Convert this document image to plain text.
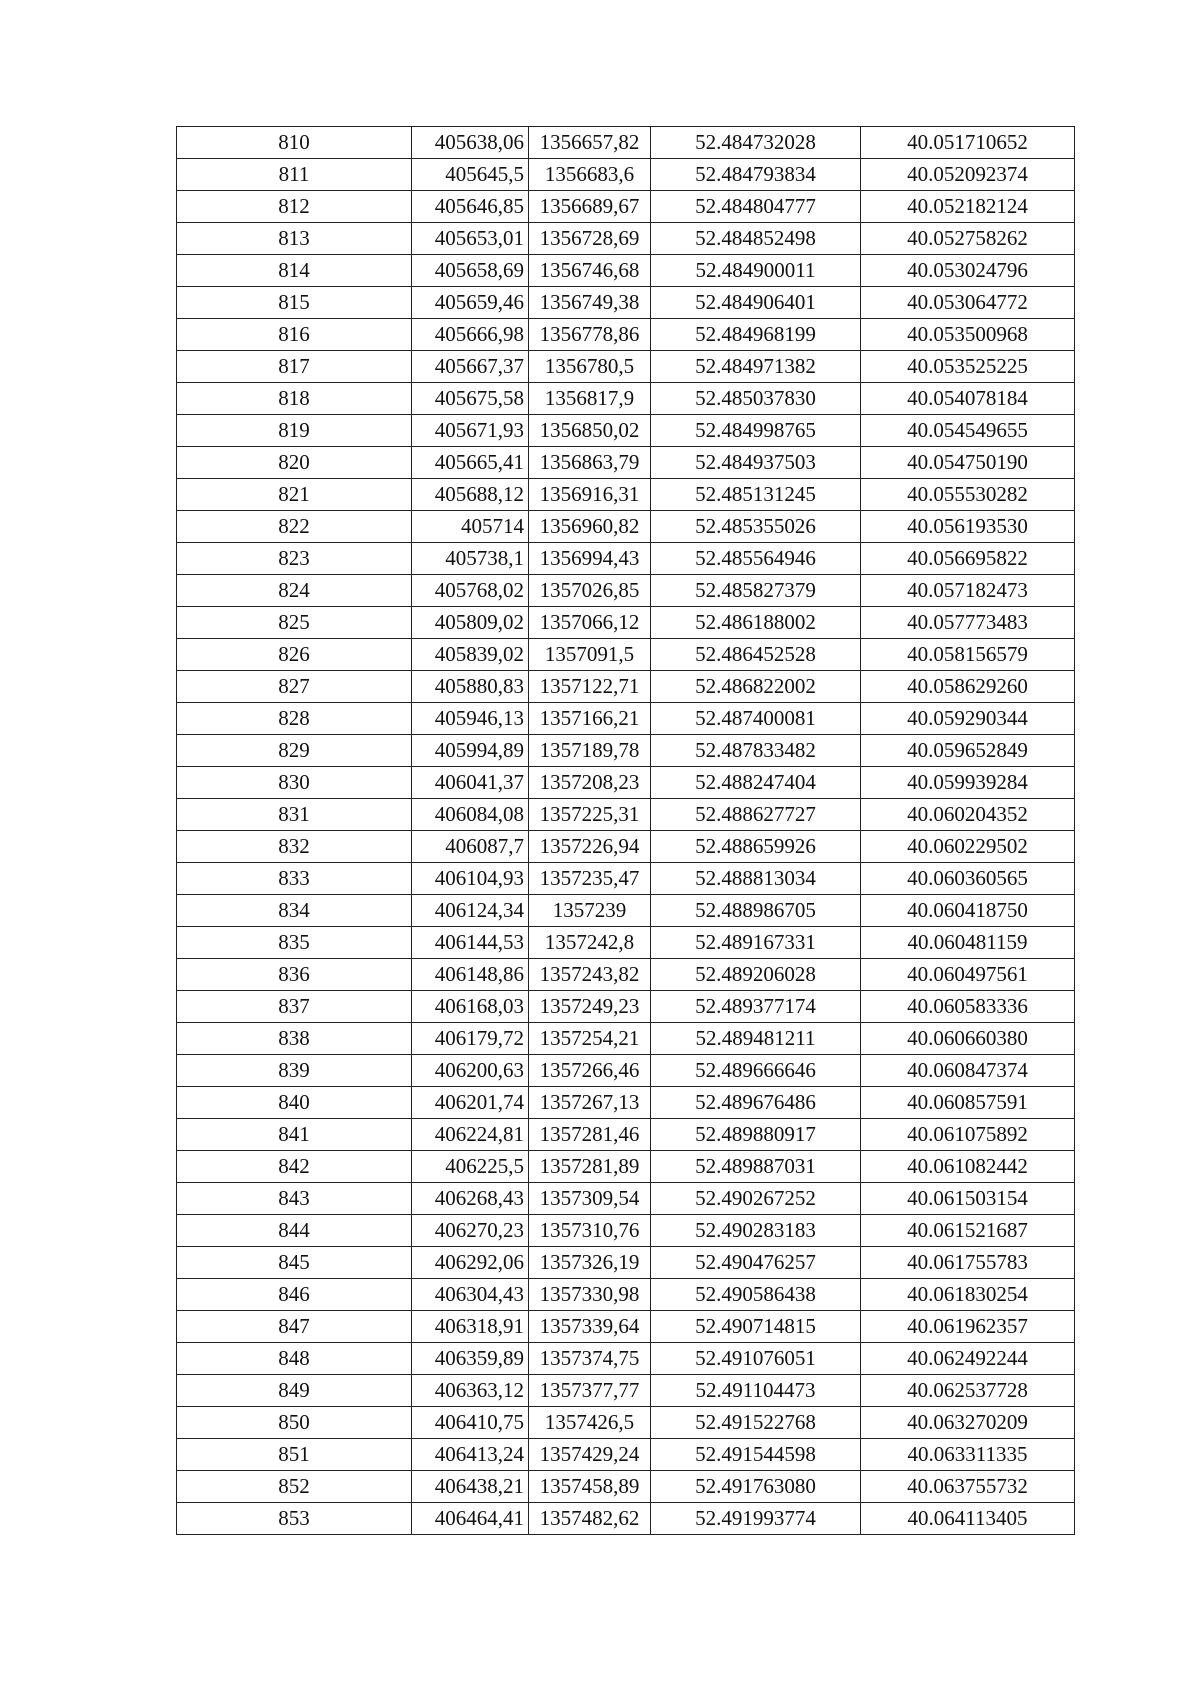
810	405638,06	1356657,82	52.484732028	40.051710652
811	405645,5	1356683,6	52.484793834	40.052092374
812	405646,85	1356689,67	52.484804777	40.052182124
813	405653,01	1356728,69	52.484852498	40.052758262
814	405658,69	1356746,68	52.484900011	40.053024796
815	405659,46	1356749,38	52.484906401	40.053064772
816	405666,98	1356778,86	52.484968199	40.053500968
817	405667,37	1356780,5	52.484971382	40.053525225
818	405675,58	1356817,9	52.485037830	40.054078184
819	405671,93	1356850,02	52.484998765	40.054549655
820	405665,41	1356863,79	52.484937503	40.054750190
821	405688,12	1356916,31	52.485131245	40.055530282
822	405714	1356960,82	52.485355026	40.056193530
823	405738,1	1356994,43	52.485564946	40.056695822
824	405768,02	1357026,85	52.485827379	40.057182473
825	405809,02	1357066,12	52.486188002	40.057773483
826	405839,02	1357091,5	52.486452528	40.058156579
827	405880,83	1357122,71	52.486822002	40.058629260
828	405946,13	1357166,21	52.487400081	40.059290344
829	405994,89	1357189,78	52.487833482	40.059652849
830	406041,37	1357208,23	52.488247404	40.059939284
831	406084,08	1357225,31	52.488627727	40.060204352
832	406087,7	1357226,94	52.488659926	40.060229502
833	406104,93	1357235,47	52.488813034	40.060360565
834	406124,34	1357239	52.488986705	40.060418750
835	406144,53	1357242,8	52.489167331	40.060481159
836	406148,86	1357243,82	52.489206028	40.060497561
837	406168,03	1357249,23	52.489377174	40.060583336
838	406179,72	1357254,21	52.489481211	40.060660380
839	406200,63	1357266,46	52.489666646	40.060847374
840	406201,74	1357267,13	52.489676486	40.060857591
841	406224,81	1357281,46	52.489880917	40.061075892
842	406225,5	1357281,89	52.489887031	40.061082442
843	406268,43	1357309,54	52.490267252	40.061503154
844	406270,23	1357310,76	52.490283183	40.061521687
845	406292,06	1357326,19	52.490476257	40.061755783
846	406304,43	1357330,98	52.490586438	40.061830254
847	406318,91	1357339,64	52.490714815	40.061962357
848	406359,89	1357374,75	52.491076051	40.062492244
849	406363,12	1357377,77	52.491104473	40.062537728
850	406410,75	1357426,5	52.491522768	40.063270209
851	406413,24	1357429,24	52.491544598	40.063311335
852	406438,21	1357458,89	52.491763080	40.063755732
853	406464,41	1357482,62	52.491993774	40.064113405
